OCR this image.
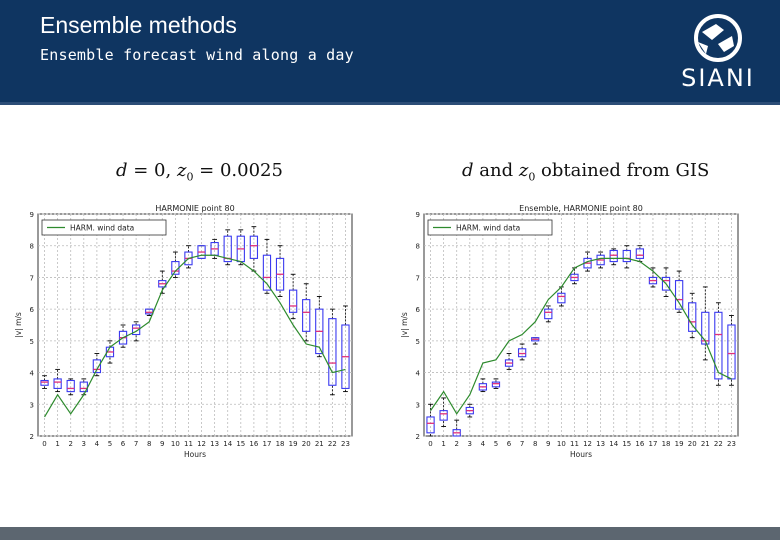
Ensemble methods
Ensemble forecast wind along a day
SIANI
d = 0, $z_0 = 0.0025$	d and $z_0$ obtained from GIS
2
3
4
5
6
7
8
9
0 1 2 3 4 5 6 7 8 9 10 11 12 13 14 15 16 17 18 19 20 21 22 23
HARMONIE point 80
Hours
|v| m/s
HARM. wind data
2
3
4
5
6
7
8
9
0 1 2 3 4 5 6 7 8 9 10 11 12 13 14 15 16 17 18 19 20 21 22 23
Ensemble, HARMONIE point 80
Hours
|v| m/s
HARM. wind data
